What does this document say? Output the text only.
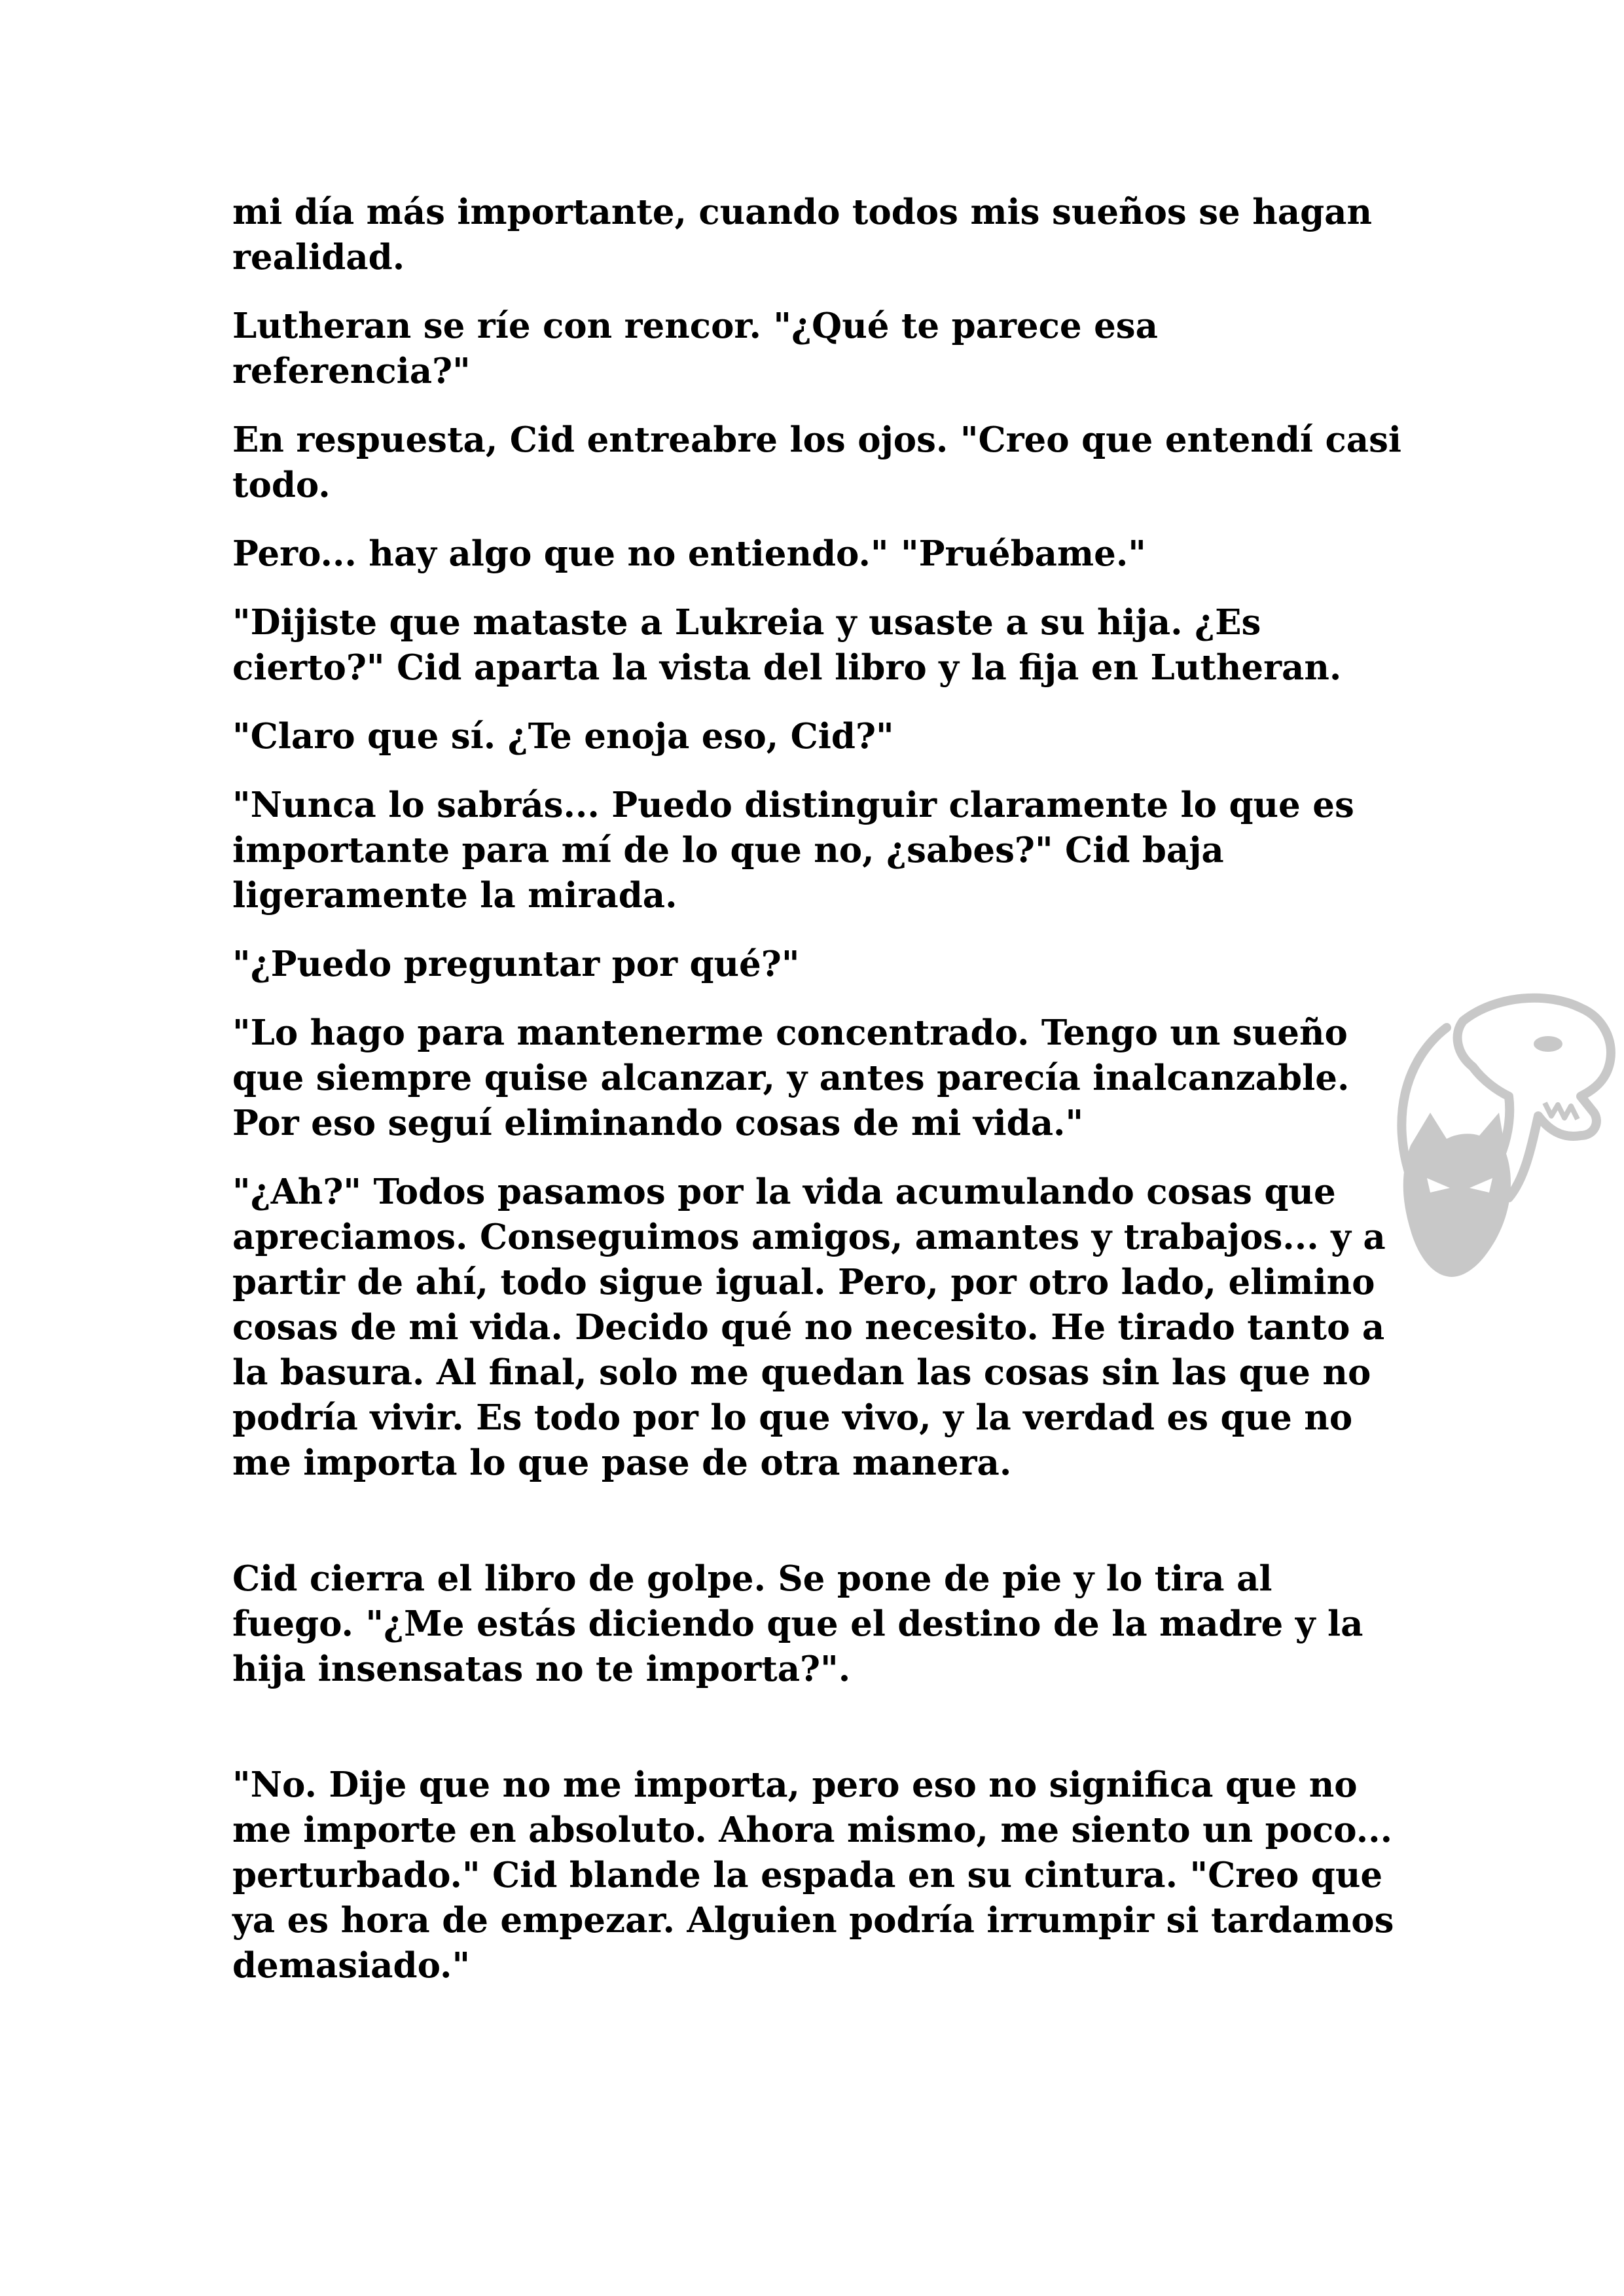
mi día más importante, cuando todos mis sueños se hagan realidad.

Lutheran se ríe con rencor. "¿Qué te parece esa referencia?"

En respuesta, Cid entreabre los ojos. "Creo que entendí casi todo.

Pero... hay algo que no entiendo." "Pruébame."

"Dijiste que mataste a Lukreia y usaste a su hija. ¿Es cierto?" Cid aparta la vista del libro y la fija en Lutheran.

"Claro que sí. ¿Te enoja eso, Cid?"

"Nunca lo sabrás... Puedo distinguir claramente lo que es importante para mí de lo que no, ¿sabes?" Cid baja ligeramente la mirada.

"¿Puedo preguntar por qué?"

"Lo hago para mantenerme concentrado. Tengo un sueño que siempre quise alcanzar, y antes parecía inalcanzable. Por eso seguí eliminando cosas de mi vida."

"¿Ah?" Todos pasamos por la vida acumulando cosas que apreciamos. Conseguimos amigos, amantes y trabajos... y a partir de ahí, todo sigue igual. Pero, por otro lado, elimino cosas de mi vida. Decido qué no necesito. He tirado tanto a la basura. Al final, solo me quedan las cosas sin las que no podría vivir. Es todo por lo que vivo, y la verdad es que no me importa lo que pase de otra manera.

Cid cierra el libro de golpe. Se pone de pie y lo tira al fuego. "¿Me estás diciendo que el destino de la madre y la hija insensatas no te importa?".

"No. Dije que no me importa, pero eso no significa que no me importe en absoluto. Ahora mismo, me siento un poco... perturbado." Cid blande la espada en su cintura. "Creo que ya es hora de empezar. Alguien podría irrumpir si tardamos demasiado."
